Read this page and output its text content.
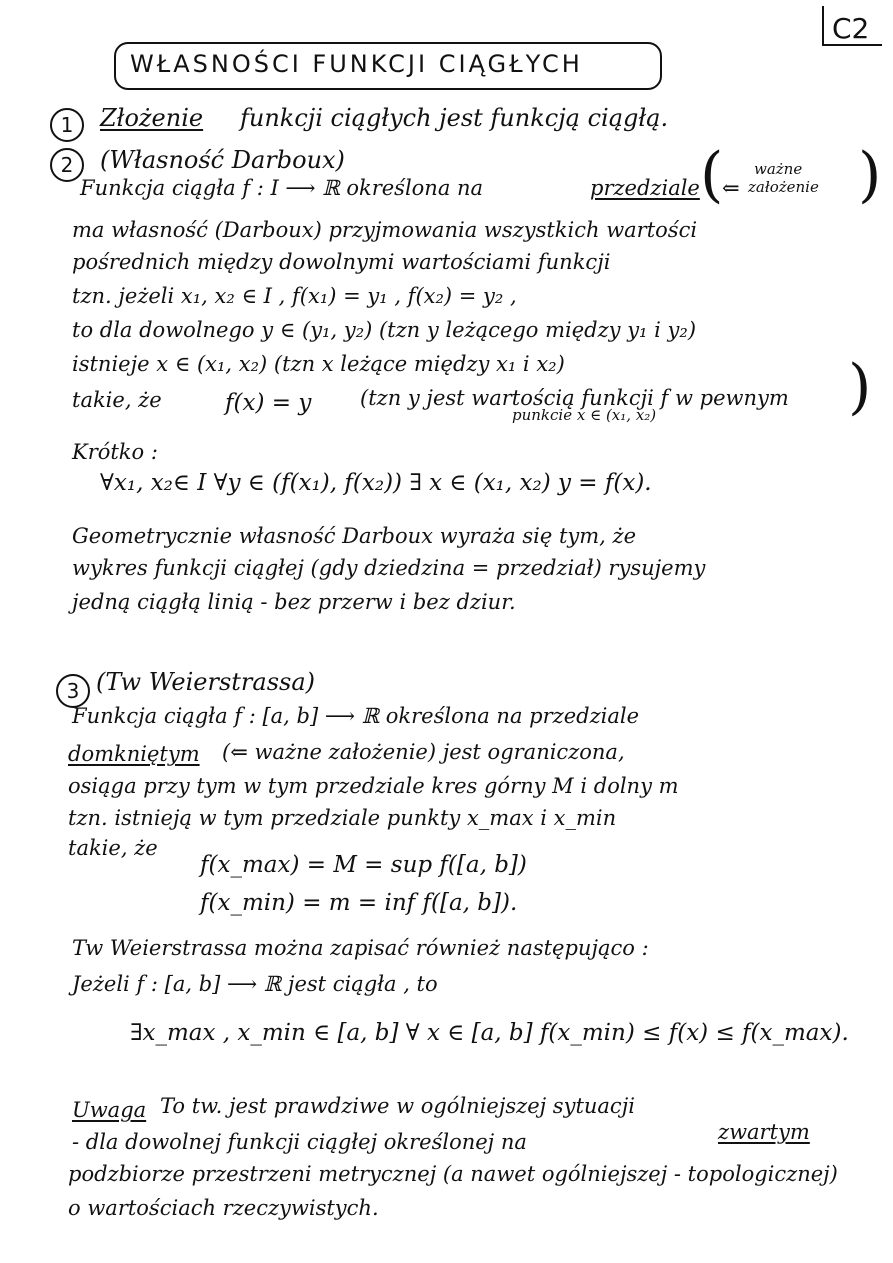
C2
WŁASNOŚCI FUNKCJI CIĄGŁYCH
1	Złożenie funkcji ciągłych jest funkcją ciągłą.
2	(Własność Darboux)
Funkcja ciągła f : I ⟶ ℝ określona na	przedziale (
⇐
ważne
założenie )
ma własność (Darboux) przyjmowania wszystkich wartości
pośrednich między dowolnymi wartościami funkcji
tzn. jeżeli x₁, x₂ ∈ I , f(x₁) = y₁ , f(x₂) = y₂ ,
to dla dowolnego y ∈ (y₁, y₂) (tzn y leżącego między y₁ i y₂)
istnieje x ∈ (x₁, x₂) (tzn x leżące między x₁ i x₂)
takie, że	f(x) = y (tzn y jest wartością funkcji f w pewnym
punkcie x ∈ (x₁, x₂)	)
Krótko :
∀x₁, x₂∈ I ∀y ∈ (f(x₁), f(x₂)) ∃ x ∈ (x₁, x₂) y = f(x).
Geometrycznie własność Darboux wyraża się tym, że
wykres funkcji ciągłej (gdy dziedzina = przedział) rysujemy
jedną ciągłą linią - bez przerw i bez dziur.
3 (Tw Weierstrassa)
Funkcja ciągła f : [a, b] ⟶ ℝ określona na przedziale
domkniętym (⇐ ważne założenie) jest ograniczona,
osiąga przy tym w tym przedziale kres górny M i dolny m
tzn. istnieją w tym przedziale punkty x_max i x_min
takie, że
f(x_max) = M = sup f([a, b])
f(x_min) = m = inf f([a, b]).
Tw Weierstrassa można zapisać również następująco :
Jeżeli f : [a, b] ⟶ ℝ jest ciągła , to
∃x_max , x_min ∈ [a, b] ∀ x ∈ [a, b] f(x_min) ≤ f(x) ≤ f(x_max).
Uwaga To tw. jest prawdziwe w ogólniejszej sytuacji
- dla dowolnej funkcji ciągłej określonej na	zwartym
podzbiorze przestrzeni metrycznej (a nawet ogólniejszej - topologicznej)
o wartościach rzeczywistych.
